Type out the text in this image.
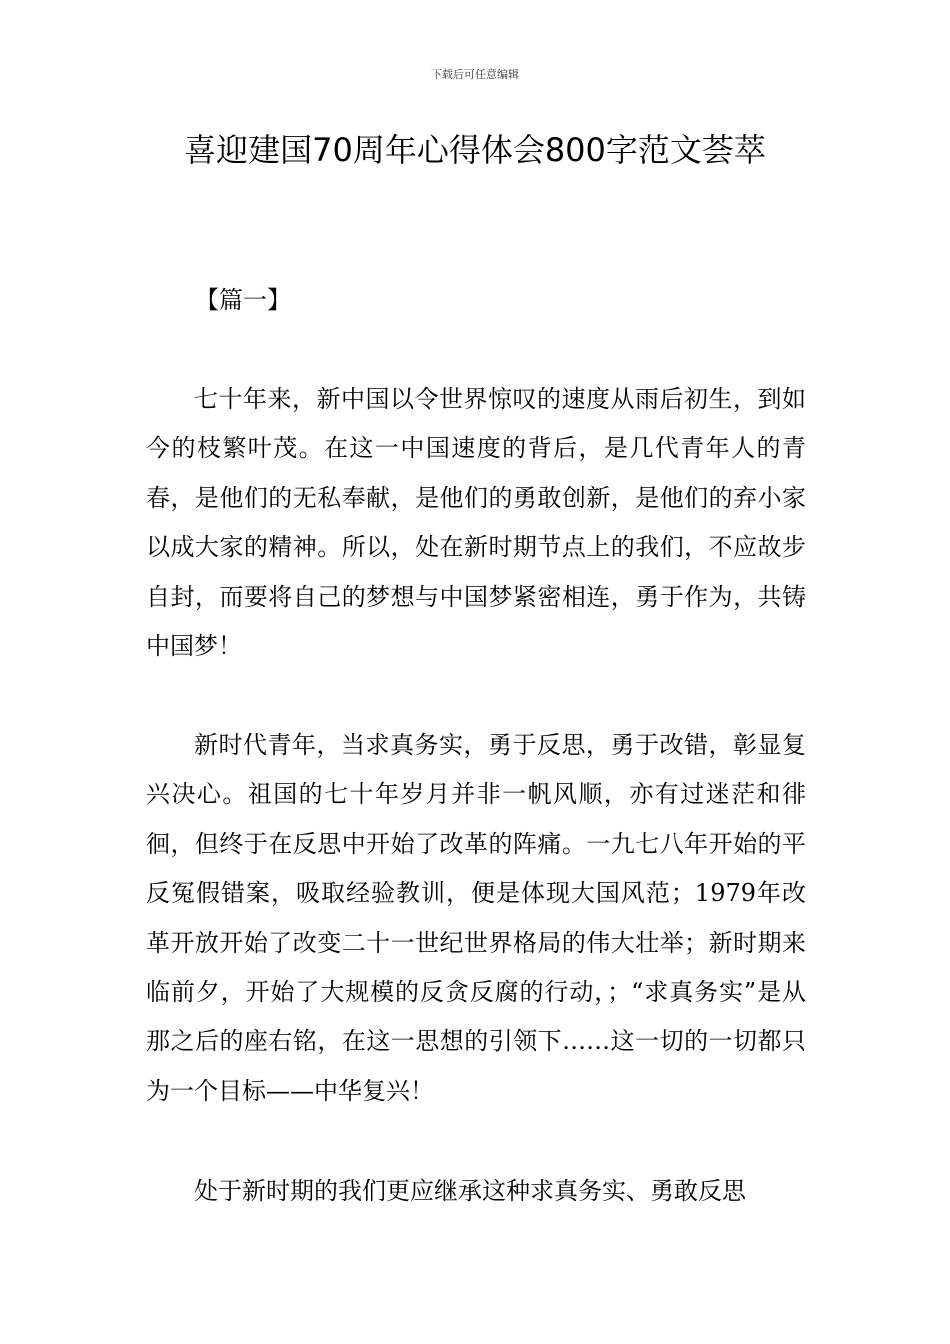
下载后可任意编辑
喜迎建国70周年心得体会800字范文荟萃
【篇一】

七十年来，新中国以令世界惊叹的速度从雨后初生，到如今的枝繁叶茂。在这一中国速度的背后，是几代青年人的青春，是他们的无私奉献，是他们的勇敢创新，是他们的弃小家以成大家的精神。所以，处在新时期节点上的我们，不应故步自封，而要将自己的梦想与中国梦紧密相连，勇于作为，共铸中国梦！

新时代青年，当求真务实，勇于反思，勇于改错，彰显复兴决心。祖国的七十年岁月并非一帆风顺，亦有过迷茫和徘徊，但终于在反思中开始了改革的阵痛。一九七八年开始的平反冤假错案，吸取经验教训，便是体现大国风范；1979年改革开放开始了改变二十一世纪世界格局的伟大壮举；新时期来临前夕，开始了大规模的反贪反腐的行动，；“求真务实”是从那之后的座右铭，在这一思想的引领下……这一切的一切都只为一个目标——中华复兴！

处于新时期的我们更应继承这种求真务实、勇敢反思
